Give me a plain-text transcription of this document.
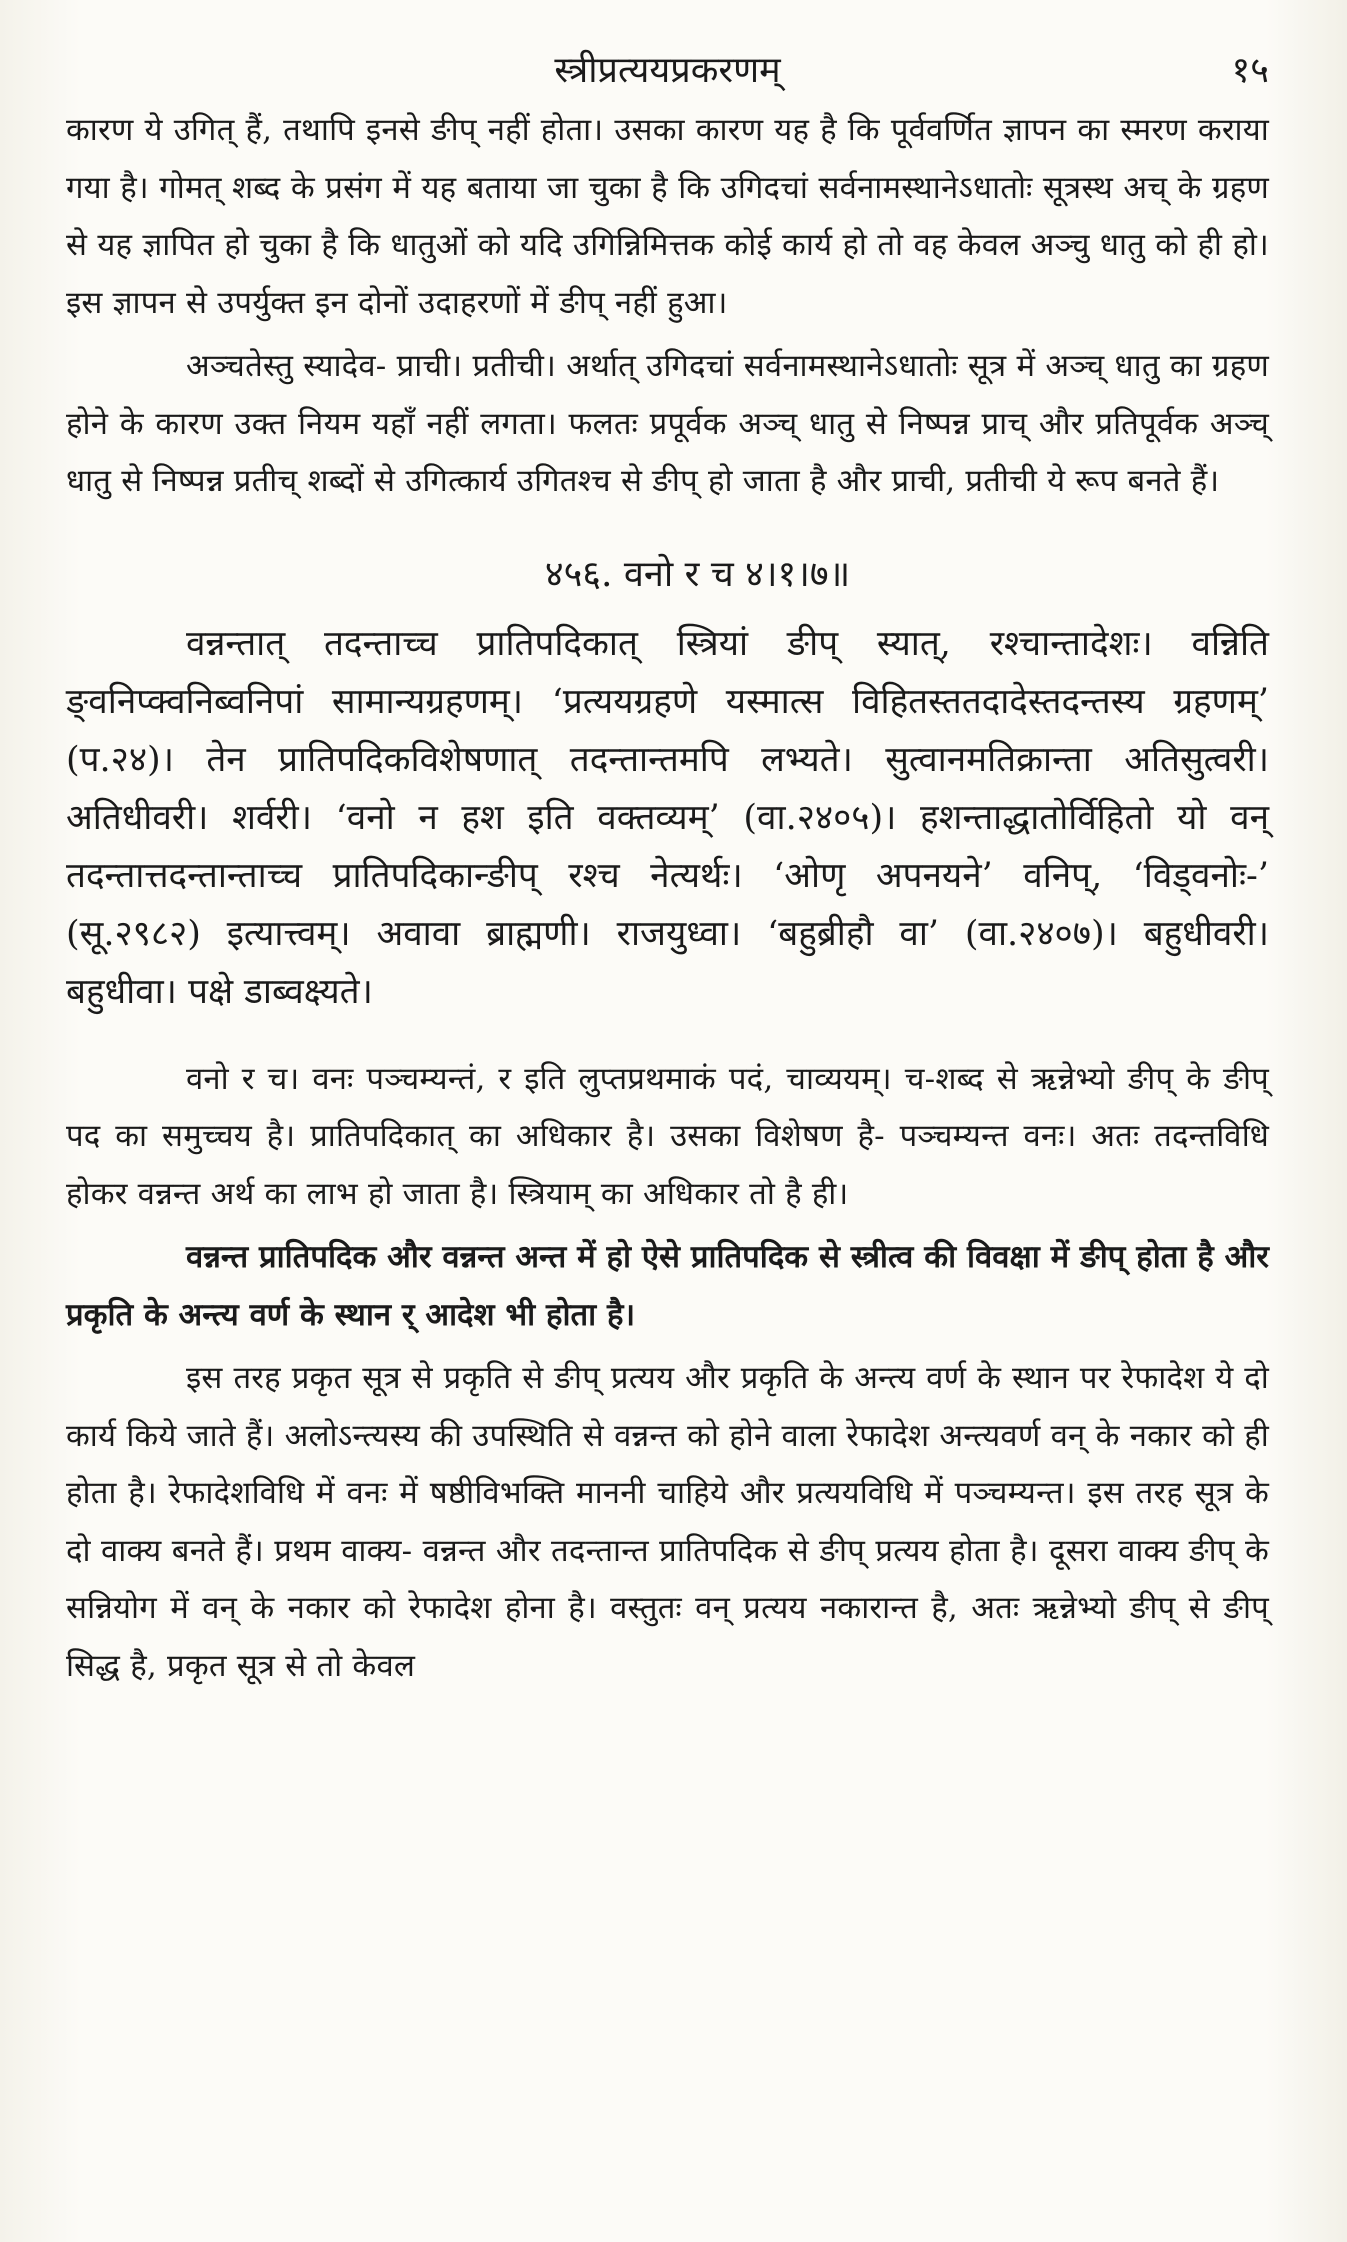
स्त्रीप्रत्ययप्रकरणम्	१५

कारण ये उगित् हैं, तथापि इनसे ङीप् नहीं होता। उसका कारण यह है कि पूर्ववर्णित ज्ञापन का स्मरण कराया गया है। गोमत् शब्द के प्रसंग में यह बताया जा चुका है कि उगिदचां सर्वनामस्थानेऽधातोः सूत्रस्थ अच् के ग्रहण से यह ज्ञापित हो चुका है कि धातुओं को यदि उगिन्निमित्तक कोई कार्य हो तो वह केवल अञ्चु धातु को ही हो। इस ज्ञापन से उपर्युक्त इन दोनों उदाहरणों में ङीप् नहीं हुआ।

अञ्चतेस्तु स्यादेव- प्राची। प्रतीची। अर्थात् उगिदचां सर्वनामस्थानेऽधातोः सूत्र में अञ्च् धातु का ग्रहण होने के कारण उक्त नियम यहाँ नहीं लगता। फलतः प्रपूर्वक अञ्च् धातु से निष्पन्न प्राच् और प्रतिपूर्वक अञ्च् धातु से निष्पन्न प्रतीच् शब्दों से उगित्कार्य उगितश्च से ङीप् हो जाता है और प्राची, प्रतीची ये रूप बनते हैं।

४५६. वनो र च ४।१।७॥

वन्नन्तात् तदन्ताच्च प्रातिपदिकात् स्त्रियां ङीप् स्यात्, रश्चान्तादेशः। वन्निति ङ्वनिप्क्वनिब्वनिपां सामान्यग्रहणम्। ‘प्रत्ययग्रहणे यस्मात्स विहितस्ततदादेस्तदन्तस्य ग्रहणम्’ (प.२४)। तेन प्रातिपदिकविशेषणात् तदन्तान्तमपि लभ्यते। सुत्वानमतिक्रान्ता अतिसुत्वरी। अतिधीवरी। शर्वरी। ‘वनो न हश इति वक्तव्यम्’ (वा.२४०५)। हशन्ताद्धातोर्विहितो यो वन् तदन्तात्तदन्तान्ताच्च प्रातिपदिकान्ङीप् रश्च नेत्यर्थः। ‘ओणृ अपनयने’ वनिप्, ‘विड्वनोः-’ (सू.२९८२) इत्यात्त्वम्। अवावा ब्राह्मणी। राजयुध्वा। ‘बहुब्रीहौ वा’ (वा.२४०७)। बहुधीवरी। बहुधीवा। पक्षे डाब्वक्ष्यते।

वनो र च। वनः पञ्चम्यन्तं, र इति लुप्तप्रथमाकं पदं, चाव्ययम्। च-शब्द से ऋन्नेभ्यो ङीप् के ङीप् पद का समुच्चय है। प्रातिपदिकात् का अधिकार है। उसका विशेषण है- पञ्चम्यन्त वनः। अतः तदन्तविधि होकर वन्नन्त अर्थ का लाभ हो जाता है। स्त्रियाम् का अधिकार तो है ही।

वन्नन्त प्रातिपदिक और वन्नन्त अन्त में हो ऐसे प्रातिपदिक से स्त्रीत्व की विवक्षा में ङीप् होता है और प्रकृति के अन्त्य वर्ण के स्थान र् आदेश भी होता है।

इस तरह प्रकृत सूत्र से प्रकृति से ङीप् प्रत्यय और प्रकृति के अन्त्य वर्ण के स्थान पर रेफादेश ये दो कार्य किये जाते हैं। अलोऽन्त्यस्य की उपस्थिति से वन्नन्त को होने वाला रेफादेश अन्त्यवर्ण वन् के नकार को ही होता है। रेफादेशविधि में वनः में षष्ठीविभक्ति माननी चाहिये और प्रत्ययविधि में पञ्चम्यन्त। इस तरह सूत्र के दो वाक्य बनते हैं। प्रथम वाक्य- वन्नन्त और तदन्तान्त प्रातिपदिक से ङीप् प्रत्यय होता है। दूसरा वाक्य ङीप् के सन्नियोग में वन् के नकार को रेफादेश होना है। वस्तुतः वन् प्रत्यय नकारान्त है, अतः ऋन्नेभ्यो ङीप् से ङीप् सिद्ध है, प्रकृत सूत्र से तो केवल
